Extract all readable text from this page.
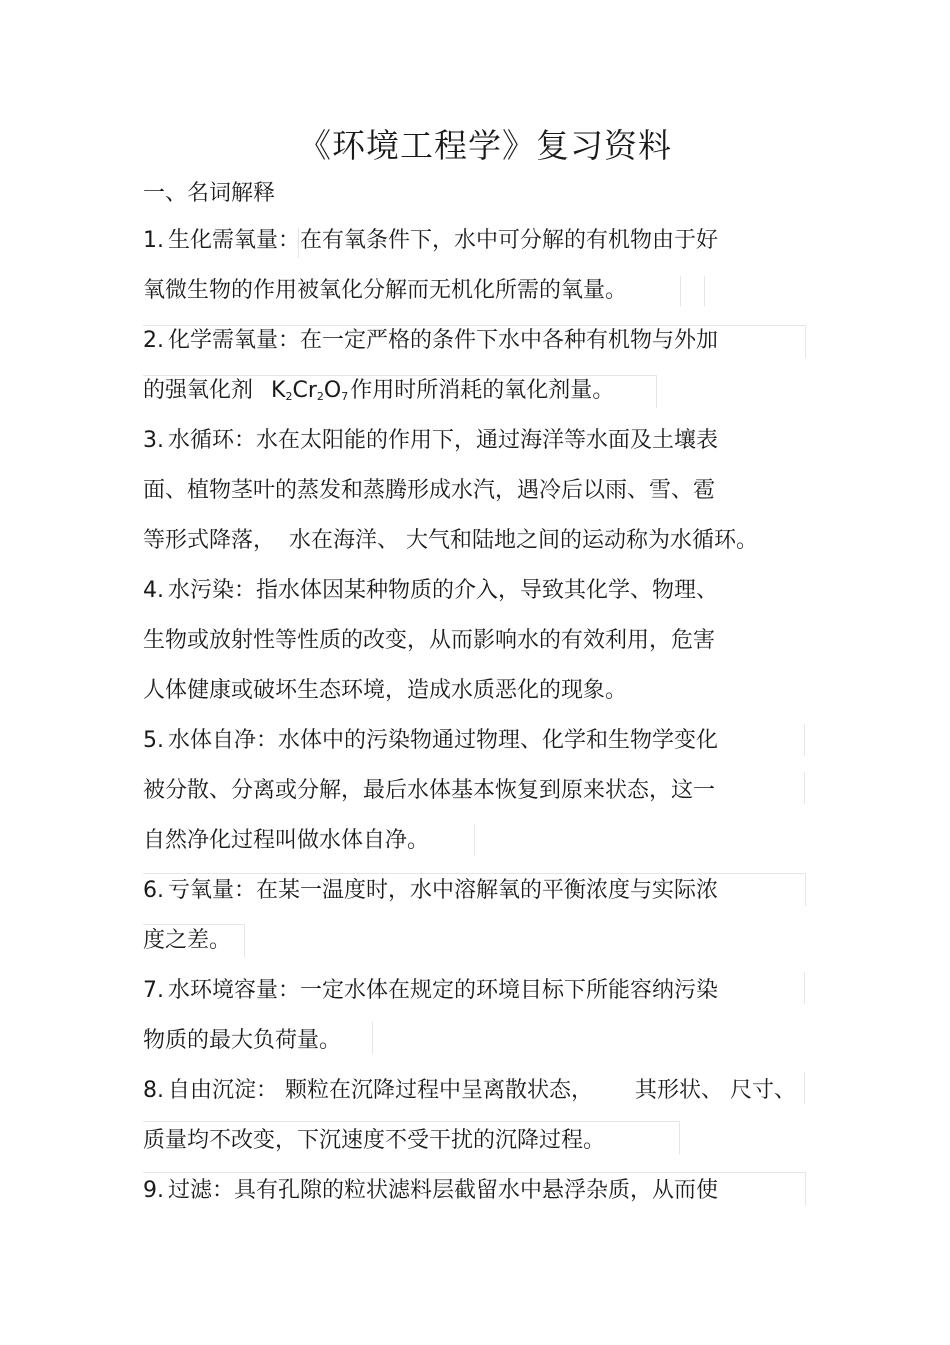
《环境工程学》复习资料
一、名词解释
1. 生化需氧量：在有氧条件下，水中可分解的有机物由于好
氧微生物的作用被氧化分解而无机化所需的氧量。
2. 化学需氧量：在一定严格的条件下水中各种有机物与外加
的强氧化剂 $K_2Cr_2O_7$作用时所消耗的氧化剂量。
3. 水循环：水在太阳能的作用下，通过海洋等水面及土壤表
面、植物茎叶的蒸发和蒸腾形成水汽，遇冷后以雨、雪、雹
等形式降落，  水在海洋、 大气和陆地之间的运动称为水循环。
4. 水污染：指水体因某种物质的介入，导致其化学、物理、
生物或放射性等性质的改变，从而影响水的有效利用，危害
人体健康或破坏生态环境，造成水质恶化的现象。
5. 水体自净：水体中的污染物通过物理、化学和生物学变化
被分散、分离或分解，最后水体基本恢复到原来状态，这一
自然净化过程叫做水体自净。
6. 亏氧量：在某一温度时，水中溶解氧的平衡浓度与实际浓
度之差。
7. 水环境容量：一定水体在规定的环境目标下所能容纳污染
物质的最大负荷量。
8. 自由沉淀： 颗粒在沉降过程中呈离散状态，      其形状、 尺寸、
质量均不改变，下沉速度不受干扰的沉降过程。
9. 过滤：具有孔隙的粒状滤料层截留水中悬浮杂质，从而使
